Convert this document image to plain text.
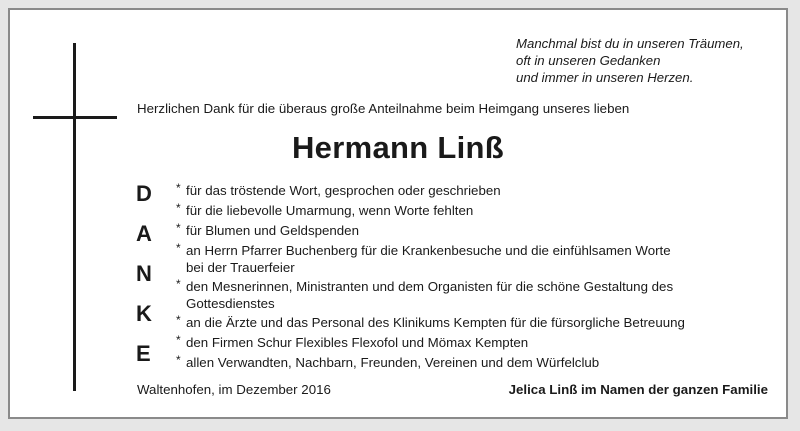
Manchmal bist du in unseren Träumen,
oft in unseren Gedanken
und immer in unseren Herzen.
Herzlichen Dank für die überaus große Anteilnahme beim Heimgang unseres lieben
Hermann Linß
D
A
N
K
E
* für das tröstende Wort, gesprochen oder geschrieben
* für die liebevolle Umarmung, wenn Worte fehlten
* für Blumen und Geldspenden
* an Herrn Pfarrer Buchenberg für die Krankenbesuche und die einfühlsamen Worte
bei der Trauerfeier
* den Mesnerinnen, Ministranten und dem Organisten für die schöne Gestaltung des
Gottesdienstes
* an die Ärzte und das Personal des Klinikums Kempten für die fürsorgliche Betreuung
* den Firmen Schur Flexibles Flexofol und Mömax Kempten
* allen Verwandten, Nachbarn, Freunden, Vereinen und dem Würfelclub
Waltenhofen, im Dezember 2016	Jelica Linß im Namen der ganzen Familie
